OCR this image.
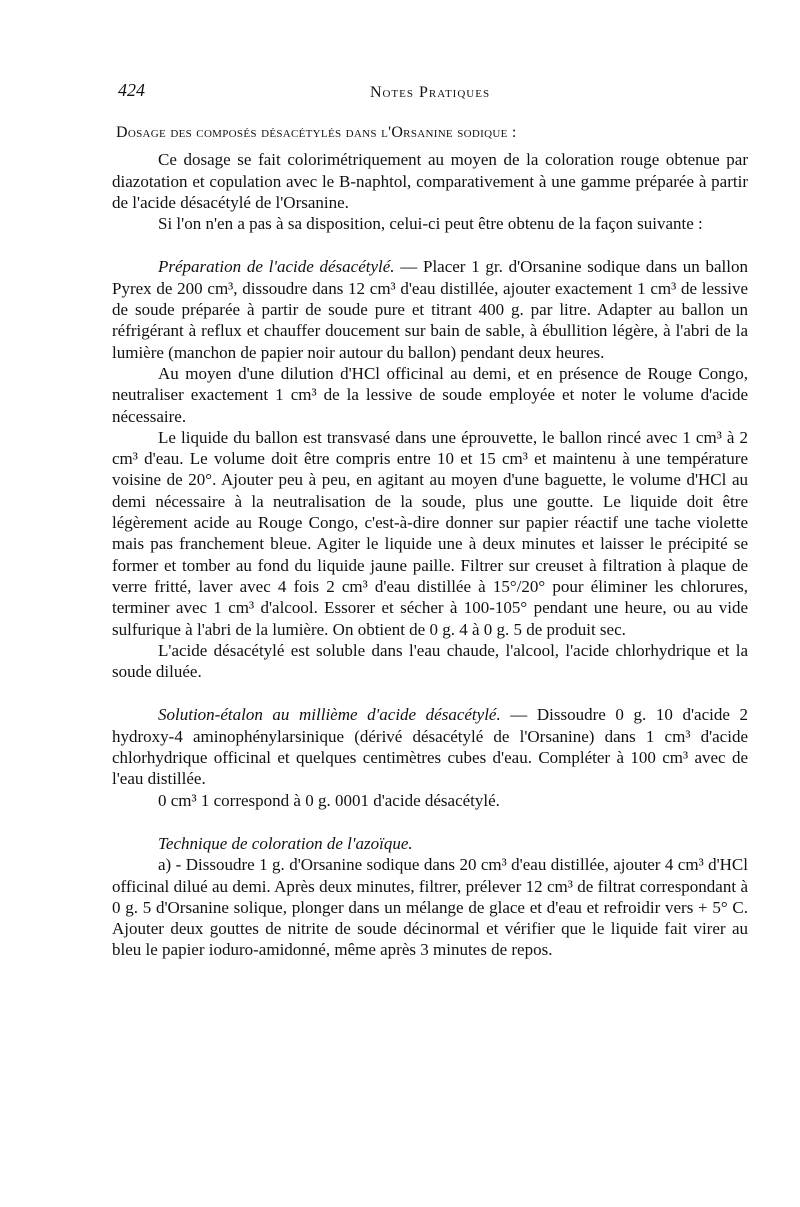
424	Notes Pratiques
Dosage des composés désacétylés dans l'Orsanine sodique :

Ce dosage se fait colorimétriquement au moyen de la coloration rouge obtenue par diazotation et copulation avec le B-naphtol, comparativement à une gamme préparée à partir de l'acide désacétylé de l'Orsanine.

Si l'on n'en a pas à sa disposition, celui-ci peut être obtenu de la façon suivante :

Préparation de l'acide désacétylé. — Placer 1 gr. d'Orsanine sodique dans un ballon Pyrex de 200 cm³, dissoudre dans 12 cm³ d'eau distillée, ajouter exactement 1 cm³ de lessive de soude préparée à partir de soude pure et titrant 400 g. par litre. Adapter au ballon un réfrigérant à reflux et chauffer doucement sur bain de sable, à ébullition légère, à l'abri de la lumière (manchon de papier noir autour du ballon) pendant deux heures.

Au moyen d'une dilution d'HCl officinal au demi, et en présence de Rouge Congo, neutraliser exactement 1 cm³ de la lessive de soude employée et noter le volume d'acide nécessaire.

Le liquide du ballon est transvasé dans une éprouvette, le ballon rincé avec 1 cm³ à 2 cm³ d'eau. Le volume doit être compris entre 10 et 15 cm³ et maintenu à une température voisine de 20°. Ajouter peu à peu, en agitant au moyen d'une baguette, le volume d'HCl au demi nécessaire à la neutralisation de la soude, plus une goutte. Le liquide doit être légèrement acide au Rouge Congo, c'est-à-dire donner sur papier réactif une tache violette mais pas franchement bleue. Agiter le liquide une à deux minutes et laisser le précipité se former et tomber au fond du liquide jaune paille. Filtrer sur creuset à filtration à plaque de verre fritté, laver avec 4 fois 2 cm³ d'eau distillée à 15°/20° pour éliminer les chlorures, terminer avec 1 cm³ d'alcool. Essorer et sécher à 100-105° pendant une heure, ou au vide sulfurique à l'abri de la lumière. On obtient de 0 g. 4 à 0 g. 5 de produit sec.

L'acide désacétylé est soluble dans l'eau chaude, l'alcool, l'acide chlorhydrique et la soude diluée.

Solution-étalon au millième d'acide désacétylé. — Dissoudre 0 g. 10 d'acide 2 hydroxy-4 aminophénylarsinique (dérivé désacétylé de l'Orsanine) dans 1 cm³ d'acide chlorhydrique officinal et quelques centimètres cubes d'eau. Compléter à 100 cm³ avec de l'eau distillée.

0 cm³ 1 correspond à 0 g. 0001 d'acide désacétylé.

Technique de coloration de l'azoïque.

a) - Dissoudre 1 g. d'Orsanine sodique dans 20 cm³ d'eau distillée, ajouter 4 cm³ d'HCl officinal dilué au demi. Après deux minutes, filtrer, prélever 12 cm³ de filtrat correspondant à 0 g. 5 d'Orsanine solique, plonger dans un mélange de glace et d'eau et refroidir vers + 5° C. Ajouter deux gouttes de nitrite de soude décinormal et vérifier que le liquide fait virer au bleu le papier ioduro-amidonné, même après 3 minutes de repos.
